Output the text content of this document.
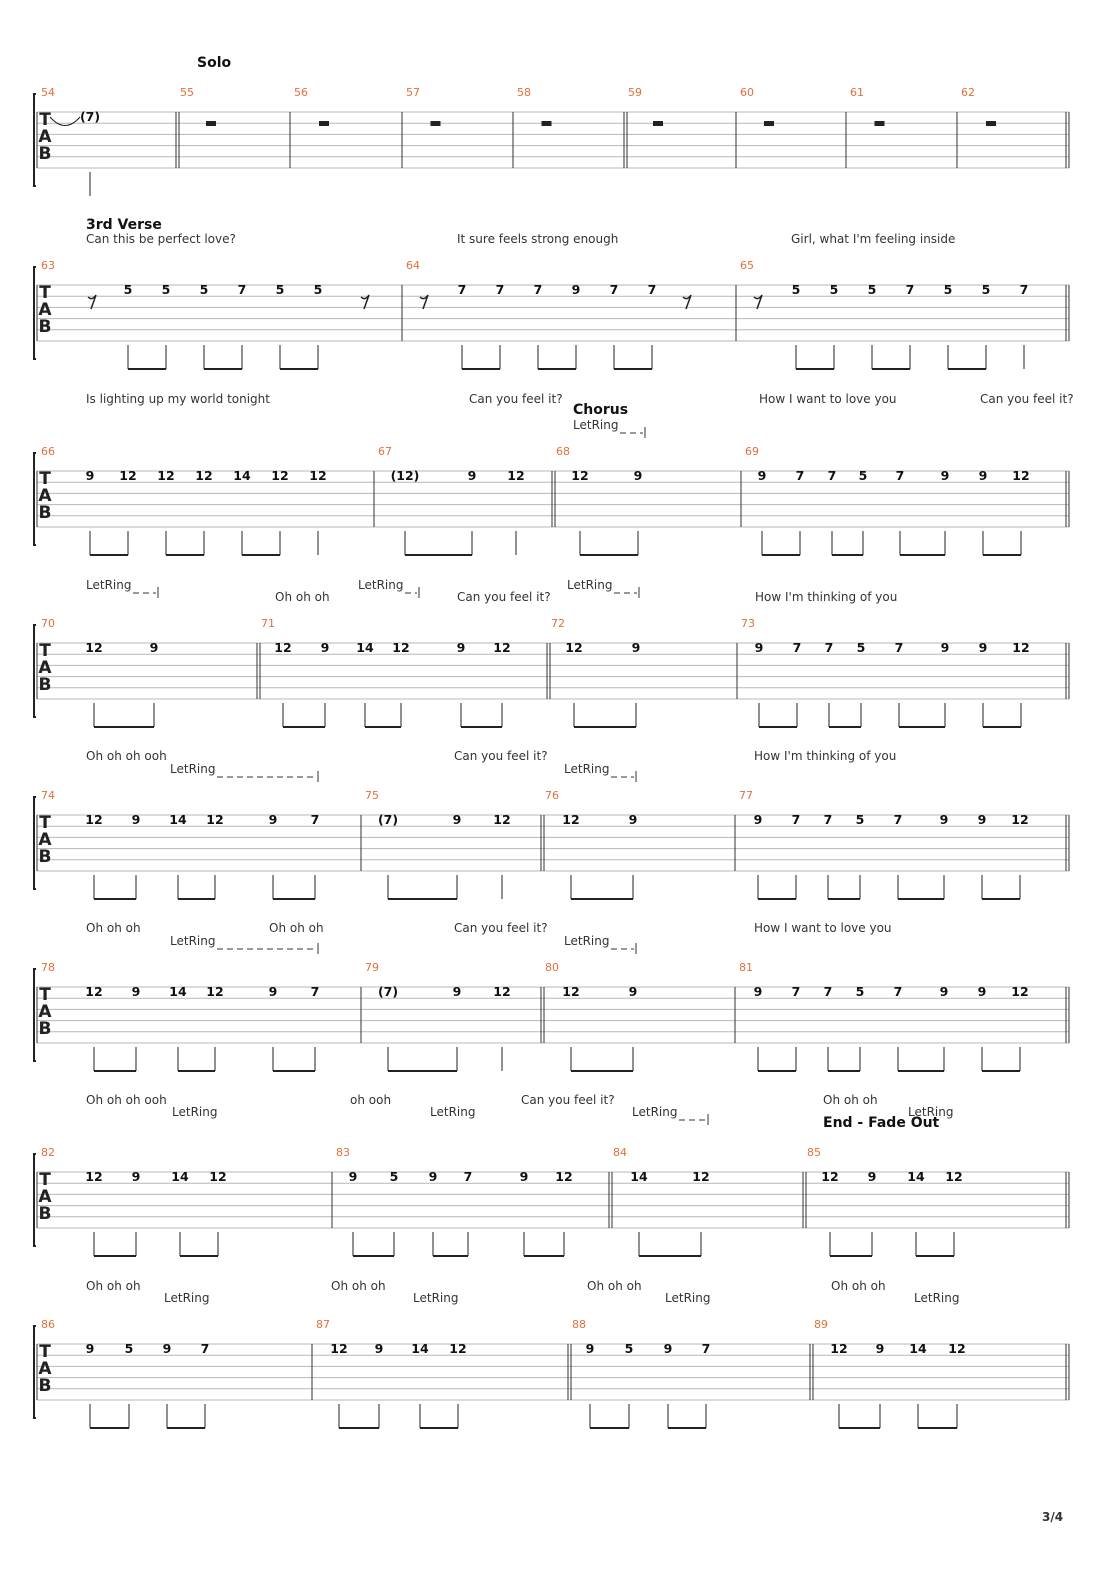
T
A
B
54
(7)
55	56	57	58	59	60	61	62
Solo
T
A
B
63
5 5 5 7 5 5
64
7 7 7 9 7 7
65
5 5 5 7 5 5 7
3rd Verse
Can this be perfect love?	It sure feels strong enough	Girl, what I'm feeling inside
T
A
B
66
9 12 12 12 14 12 12
67
(12)	9 12
68
12	9
69
9 7 7 5 7	9 9 12
Chorus
Is lighting up my world tonight	Can you feel it?	How I want to love you	Can you feel it?
LetRing
T
A
B
70
12	9
71
12 9 14 12	9 12
72
12	9
73
9 7 7 5 7	9 9 12
Oh oh oh	Can you feel it?	How I'm thinking of you
LetRing	LetRing	LetRing
T
A
B
74
12 9 14 12	9	7
75
(7)	9	12
76
12	9
77
9 7 7 5 7	9 9 12
Oh oh oh ooh	Can you feel it?	How I'm thinking of you
LetRing	LetRing
T
A
B
78
12 9 14 12	9	7
79
(7)	9	12
80
12	9
81
9 7 7 5 7	9 9 12
Oh oh oh	Oh oh oh	Can you feel it?	How I want to love you
LetRing	LetRing
T
A
B
82
12 9 14 12
83
9	5 9 7	9 12
84
14	12
85
12 9 14 12
End - Fade Out
Oh oh oh ooh	oh ooh	Can you feel it?	Oh oh oh
LetRing	LetRing	LetRing	LetRing
T
A
B
86
9 5 9 7
87
12 9 14 12
88
9 5 9 7
89
12 9 14 12
Oh oh oh	Oh oh oh	Oh oh oh	Oh oh oh
LetRing	LetRing	LetRing	LetRing
3/4
